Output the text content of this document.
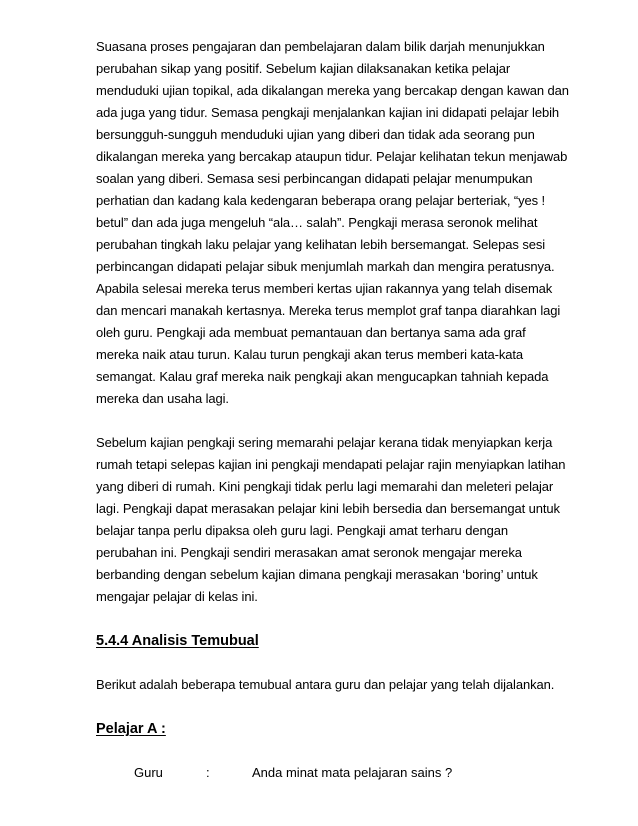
Suasana proses pengajaran dan pembelajaran dalam bilik darjah menunjukkan
perubahan sikap yang positif. Sebelum kajian dilaksanakan ketika pelajar
menduduki ujian topikal, ada dikalangan mereka yang bercakap dengan kawan dan
ada juga yang tidur. Semasa pengkaji menjalankan kajian ini didapati pelajar lebih
bersungguh-sungguh menduduki ujian yang diberi dan tidak ada seorang pun
dikalangan mereka yang bercakap ataupun tidur. Pelajar kelihatan tekun menjawab
soalan yang diberi. Semasa sesi perbincangan didapati pelajar menumpukan
perhatian dan kadang kala kedengaran beberapa orang pelajar berteriak, “yes !
betul” dan ada juga mengeluh “ala… salah”. Pengkaji merasa seronok melihat
perubahan tingkah laku pelajar yang kelihatan lebih bersemangat. Selepas sesi
perbincangan didapati pelajar sibuk menjumlah markah dan mengira peratusnya.
Apabila selesai mereka terus memberi kertas ujian rakannya yang telah disemak
dan mencari manakah kertasnya. Mereka terus memplot graf tanpa diarahkan lagi
oleh guru. Pengkaji ada membuat pemantauan dan bertanya sama ada graf
mereka naik atau turun. Kalau turun pengkaji akan terus memberi kata-kata
semangat. Kalau graf mereka naik pengkaji akan mengucapkan tahniah kepada
mereka dan usaha lagi.
Sebelum kajian pengkaji sering memarahi pelajar kerana tidak menyiapkan kerja
rumah tetapi selepas kajian ini pengkaji mendapati pelajar rajin menyiapkan latihan
yang diberi di rumah. Kini pengkaji tidak perlu lagi memarahi dan meleteri pelajar
lagi. Pengkaji dapat merasakan pelajar kini lebih bersedia dan bersemangat untuk
belajar tanpa perlu dipaksa oleh guru lagi. Pengkaji amat terharu dengan
perubahan ini. Pengkaji sendiri merasakan amat seronok mengajar mereka
berbanding dengan sebelum kajian dimana pengkaji merasakan ‘boring’ untuk
mengajar pelajar di kelas ini.
5.4.4 Analisis Temubual
Berikut adalah beberapa temubual antara guru dan pelajar yang telah dijalankan.
Pelajar A :
Guru	:	Anda minat mata pelajaran sains ?
